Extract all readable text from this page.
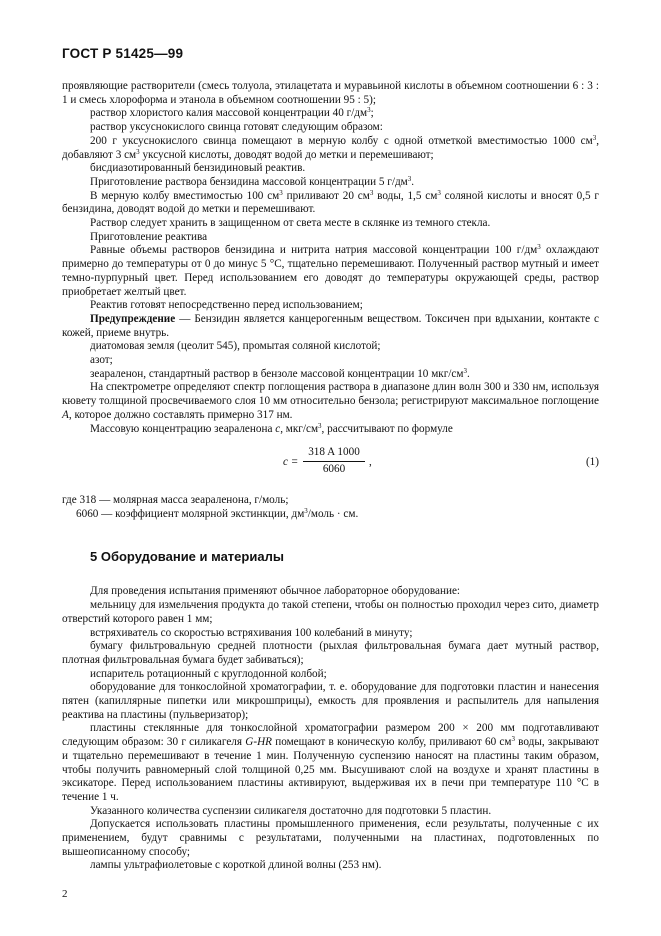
ГОСТ Р 51425—99

проявляющие растворители (смесь толуола, этилацетата и муравьиной кислоты в объемном соотношении 6 : 3 : 1 и смесь хлороформа и этанола в объемном соотношении 95 : 5);

раствор хлористого калия массовой концентрации 40 $г/дм^3$;

раствор уксуснокислого свинца готовят следующим образом:

200 г уксуснокислого свинца помещают в мерную колбу с одной отметкой вместимостью 1000 $см^3$, добавляют 3 $см^3$ уксусной кислоты, доводят водой до метки и перемешивают;

бисдиазотированный бензидиновый реактив.

Приготовление раствора бензидина массовой концентрации 5 $г/дм^3$.

В мерную колбу вместимостью 100 $см^3$ приливают 20 $см^3$ воды, 1,5 $см^3$ соляной кислоты и вносят 0,5 г бензидина, доводят водой до метки и перемешивают.

Раствор следует хранить в защищенном от света месте в склянке из темного стекла.

Приготовление реактива

Равные объемы растворов бензидина и нитрита натрия массовой концентрации 100 $г/дм^3$ охлаждают примерно до температуры от 0 до минус 5 °С, тщательно перемешивают. Полученный раствор мутный и имеет темно-пурпурный цвет. Перед использованием его доводят до температуры окружающей среды, раствор приобретает желтый цвет.

Реактив готовят непосредственно перед использованием;

Предупреждение — Бензидин является канцерогенным веществом. Токсичен при вдыхании, контакте с кожей, приеме внутрь.

диатомовая земля (цеолит 545), промытая соляной кислотой;

азот;

зеараленон, стандартный раствор в бензоле массовой концентрации 10 мкг/$см^3$.

На спектрометре определяют спектр поглощения раствора в диапазоне длин волн 300 и 330 нм, используя кювету толщиной просвечиваемого слоя 10 мм относительно бензола; регистрируют максимальное поглощение A, которое должно составлять примерно 317 нм.

Массовую концентрацию зеараленона c, мкг/$см^3$, рассчитывают по формуле

$c = \frac{318 A 1000}{6060}$ ,	(1)

где 318 — молярная масса зеараленона, г/моль;

6060 — коэффициент молярной экстинкции, $дм^3$/моль · см.

5 Оборудование и материалы

Для проведения испытания применяют обычное лабораторное оборудование:

мельницу для измельчения продукта до такой степени, чтобы он полностью проходил через сито, диаметр отверстий которого равен 1 мм;

встряхиватель со скоростью встряхивания 100 колебаний в минуту;

бумагу фильтровальную средней плотности (рыхлая фильтровальная бумага дает мутный раствор, плотная фильтровальная бумага будет забиваться);

испаритель ротационный с круглодонной колбой;

оборудование для тонкослойной хроматографии, т. е. оборудование для подготовки пластин и нанесения пятен (капиллярные пипетки или микрошприцы), емкость для проявления и распылитель для напыления реактива на пластины (пульверизатор);

пластины стеклянные для тонкослойной хроматографии размером 200 × 200 мм подготавливают следующим образом: 30 г силикагеля G-HR помещают в коническую колбу, приливают 60 $см^3$ воды, закрывают и тщательно перемешивают в течение 1 мин. Полученную суспензию наносят на пластины таким образом, чтобы получить равномерный слой толщиной 0,25 мм. Высушивают слой на воздухе и хранят пластины в эксикаторе. Перед использованием пластины активируют, выдерживая их в печи при температуре 110 °С в течение 1 ч.

Указанного количества суспензии силикагеля достаточно для подготовки 5 пластин.

Допускается использовать пластины промышленного применения, если результаты, полученные с их применением, будут сравнимы с результатами, полученными на пластинах, подготовленных по вышеописанному способу;

лампы ультрафиолетовые с короткой длиной волны (253 нм).

2
